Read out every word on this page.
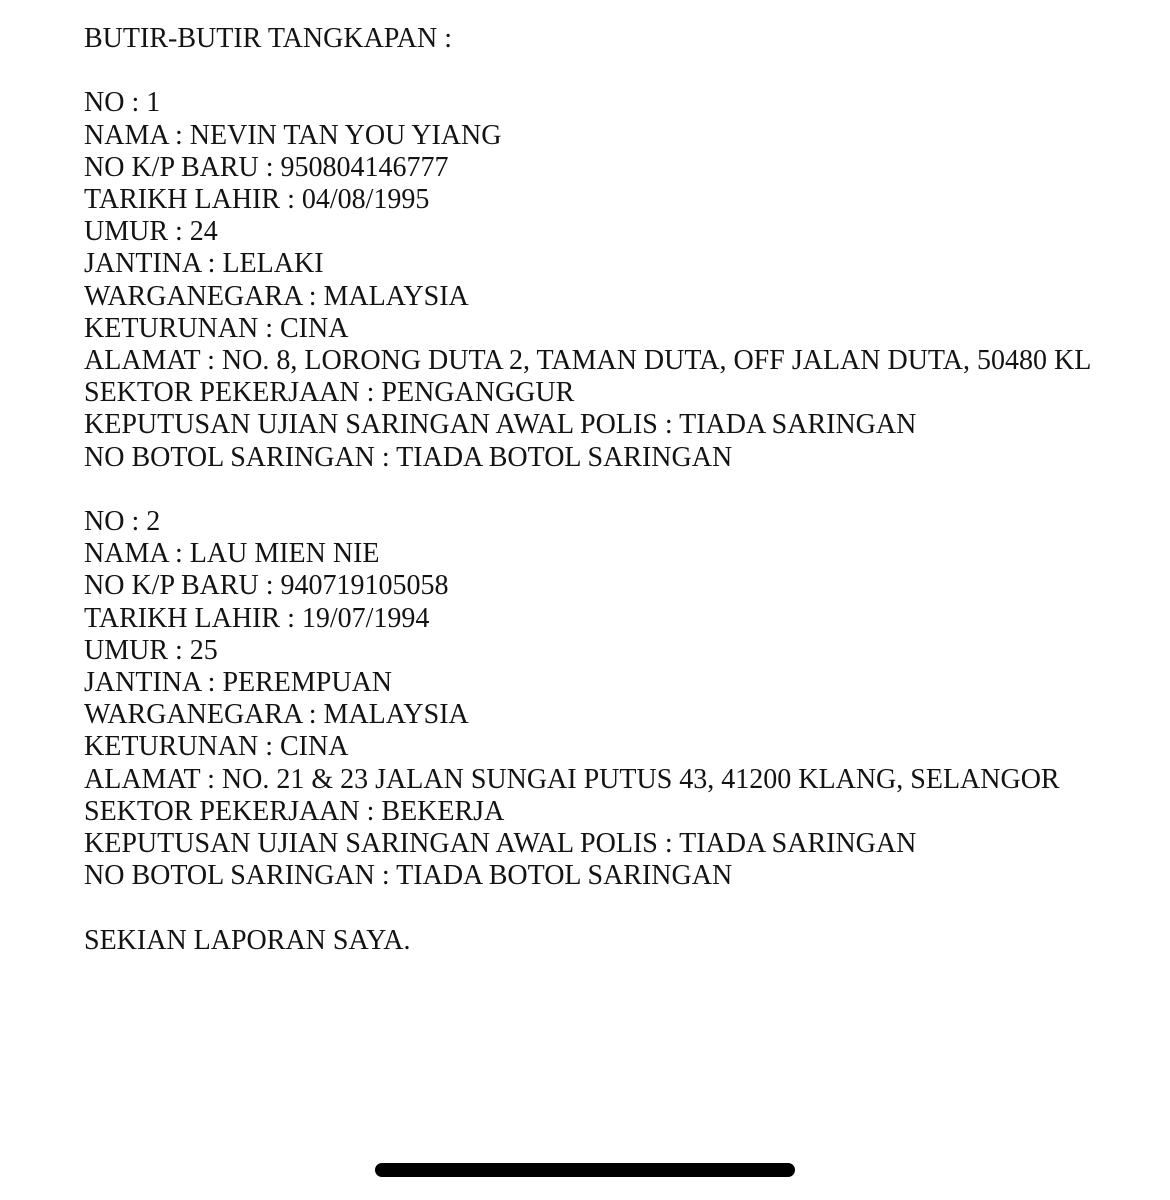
BUTIR-BUTIR TANGKAPAN :
NO : 1
NAMA : NEVIN TAN YOU YIANG
NO K/P BARU : 950804146777
TARIKH LAHIR : 04/08/1995
UMUR : 24
JANTINA : LELAKI
WARGANEGARA : MALAYSIA
KETURUNAN : CINA
ALAMAT : NO. 8, LORONG DUTA 2, TAMAN DUTA, OFF JALAN DUTA, 50480 KL
SEKTOR PEKERJAAN : PENGANGGUR
KEPUTUSAN UJIAN SARINGAN AWAL POLIS : TIADA SARINGAN
NO BOTOL SARINGAN : TIADA BOTOL SARINGAN
NO : 2
NAMA : LAU MIEN NIE
NO K/P BARU : 940719105058
TARIKH LAHIR : 19/07/1994
UMUR : 25
JANTINA : PEREMPUAN
WARGANEGARA : MALAYSIA
KETURUNAN : CINA
ALAMAT : NO. 21 & 23 JALAN SUNGAI PUTUS 43, 41200 KLANG, SELANGOR
SEKTOR PEKERJAAN : BEKERJA
KEPUTUSAN UJIAN SARINGAN AWAL POLIS : TIADA SARINGAN
NO BOTOL SARINGAN : TIADA BOTOL SARINGAN

SEKIAN LAPORAN SAYA.
